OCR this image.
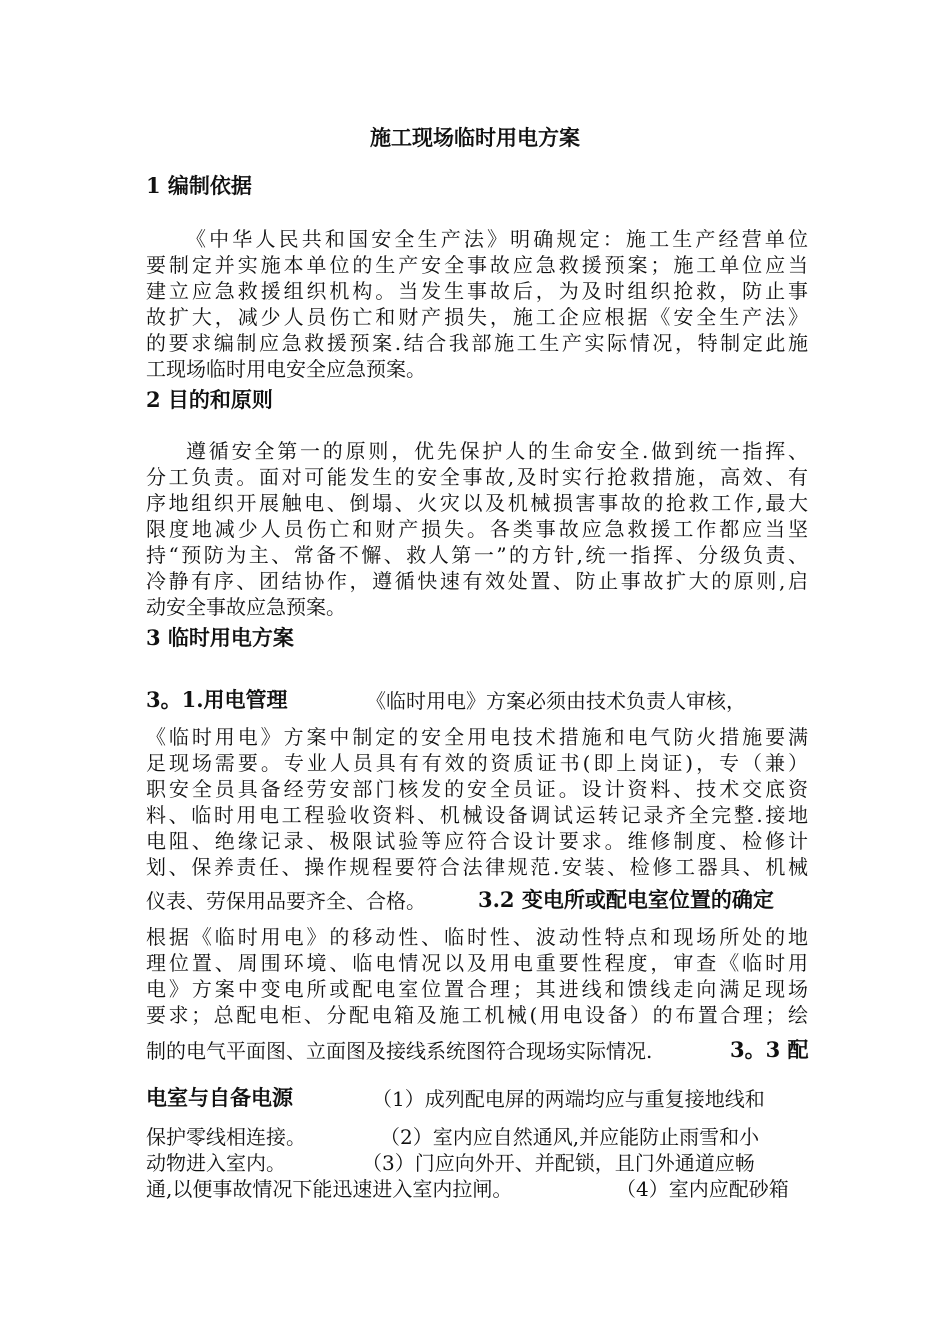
施工现场临时用电方案
1 编制依据
《中华人民共和国安全生产法》明确规定：施工生产经营单位
要制定并实施本单位的生产安全事故应急救援预案；施工单位应当
建立应急救援组织机构。当发生事故后，为及时组织抢救，防止事
故扩大，减少人员伤亡和财产损失，施工企应根据《安全生产法》
的要求编制应急救援预案.结合我部施工生产实际情况，特制定此施
工现场临时用电安全应急预案。
2 目的和原则
遵循安全第一的原则，优先保护人的生命安全.做到统一指挥、
分工负责。面对可能发生的安全事故,及时实行抢救措施，高效、有
序地组织开展触电、倒塌、火灾以及机械损害事故的抢救工作,最大
限度地减少人员伤亡和财产损失。各类事故应急救援工作都应当坚
持“预防为主、常备不懈、救人第一”的方针,统一指挥、分级负责、
冷静有序、团结协作，遵循快速有效处置、防止事故扩大的原则,启
动安全事故应急预案。
3 临时用电方案
3。1.用电管理	《临时用电》方案必须由技术负责人审核，
《临时用电》方案中制定的安全用电技术措施和电气防火措施要满
足现场需要。专业人员具有有效的资质证书(即上岗证)，专（兼）
职安全员具备经劳安部门核发的安全员证。设计资料、技术交底资
料、临时用电工程验收资料、机械设备调试运转记录齐全完整.接地
电阻、绝缘记录、极限试验等应符合设计要求。维修制度、检修计
划、保养责任、操作规程要符合法律规范.安装、检修工器具、机械
仪表、劳保用品要齐全、合格。	3.2 变电所或配电室位置的确定
根据《临时用电》的移动性、临时性、波动性特点和现场所处的地
理位置、周围环境、临电情况以及用电重要性程度，审查《临时用
电》方案中变电所或配电室位置合理；其进线和馈线走向满足现场
要求；总配电柜、分配电箱及施工机械(用电设备）的布置合理；绘
制的电气平面图、立面图及接线系统图符合现场实际情况.	3。3 配
电室与自备电源	（1）成列配电屏的两端均应与重复接地线和
保护零线相连接。	（2）室内应自然通风,并应能防止雨雪和小
动物进入室内。	（3）门应向外开、并配锁，且门外通道应畅
通,以便事故情况下能迅速进入室内拉闸。	（4）室内应配砂箱
